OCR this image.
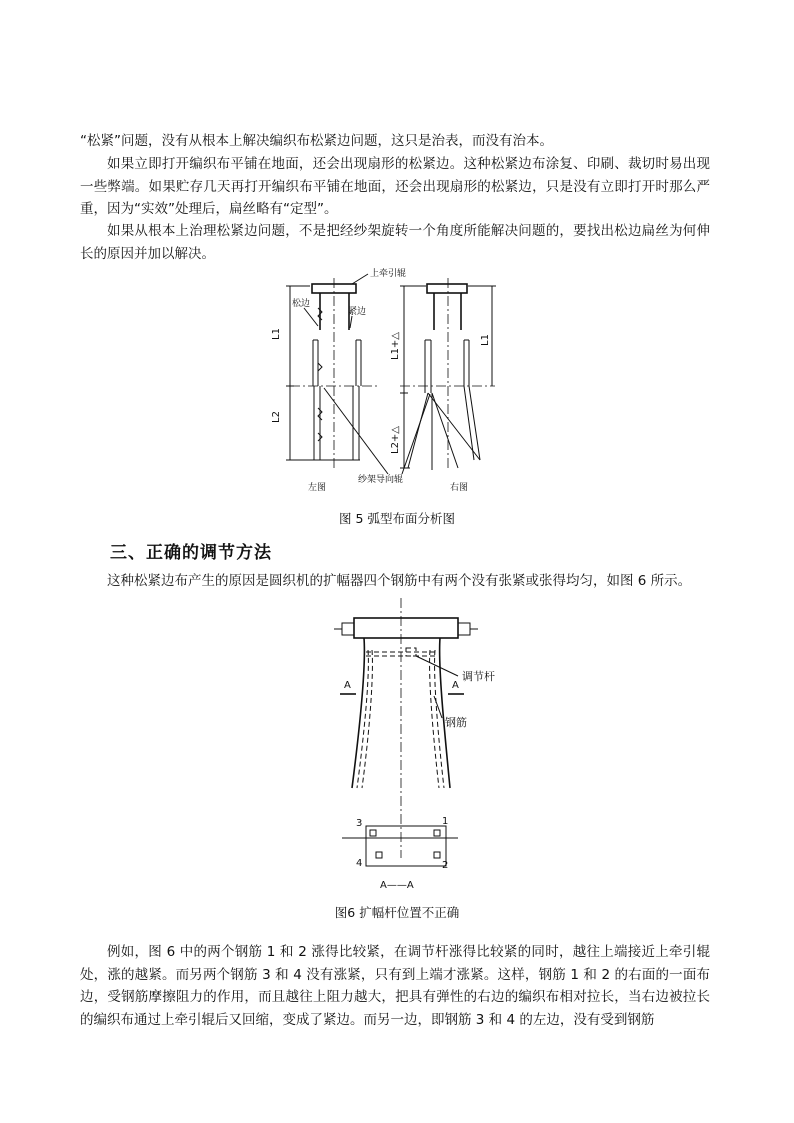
“松紧”问题，没有从根本上解决编织布松紧边问题，这只是治表，而没有治本。

如果立即打开编织布平铺在地面，还会出现扇形的松紧边。这种松紧边布涂复、印刷、裁切时易出现一些弊端。如果贮存几天再打开编织布平铺在地面，还会出现扇形的松紧边，只是没有立即打开时那么严重，因为“实效”处理后，扁丝略有“定型”。

如果从根本上治理松紧边问题，不是把经纱架旋转一个角度所能解决问题的，要找出松边扁丝为何伸长的原因并加以解决。

L1
L2
松边
紧边
上牵引辊
左图
L1+△
L2+△
L1
纱架导向辊
右图
图 5 弧型布面分析图
三、正确的调节方法

这种松紧边布产生的原因是圆织机的扩幅器四个钢筋中有两个没有张紧或张得均匀，如图 6 所示。

调节杆
钢筋
A	A
3	1
4	2
A——A
图6 扩幅杆位置不正确

例如，图 6 中的两个钢筋 1 和 2 涨得比较紧，在调节杆涨得比较紧的同时，越往上端接近上牵引辊处，涨的越紧。而另两个钢筋 3 和 4 没有涨紧，只有到上端才涨紧。这样，钢筋 1 和 2 的右面的一面布边，受钢筋摩擦阻力的作用，而且越往上阻力越大，把具有弹性的右边的编织布相对拉长，当右边被拉长的编织布通过上牵引辊后又回缩，变成了紧边。而另一边，即钢筋 3 和 4 的左边，没有受到钢筋
